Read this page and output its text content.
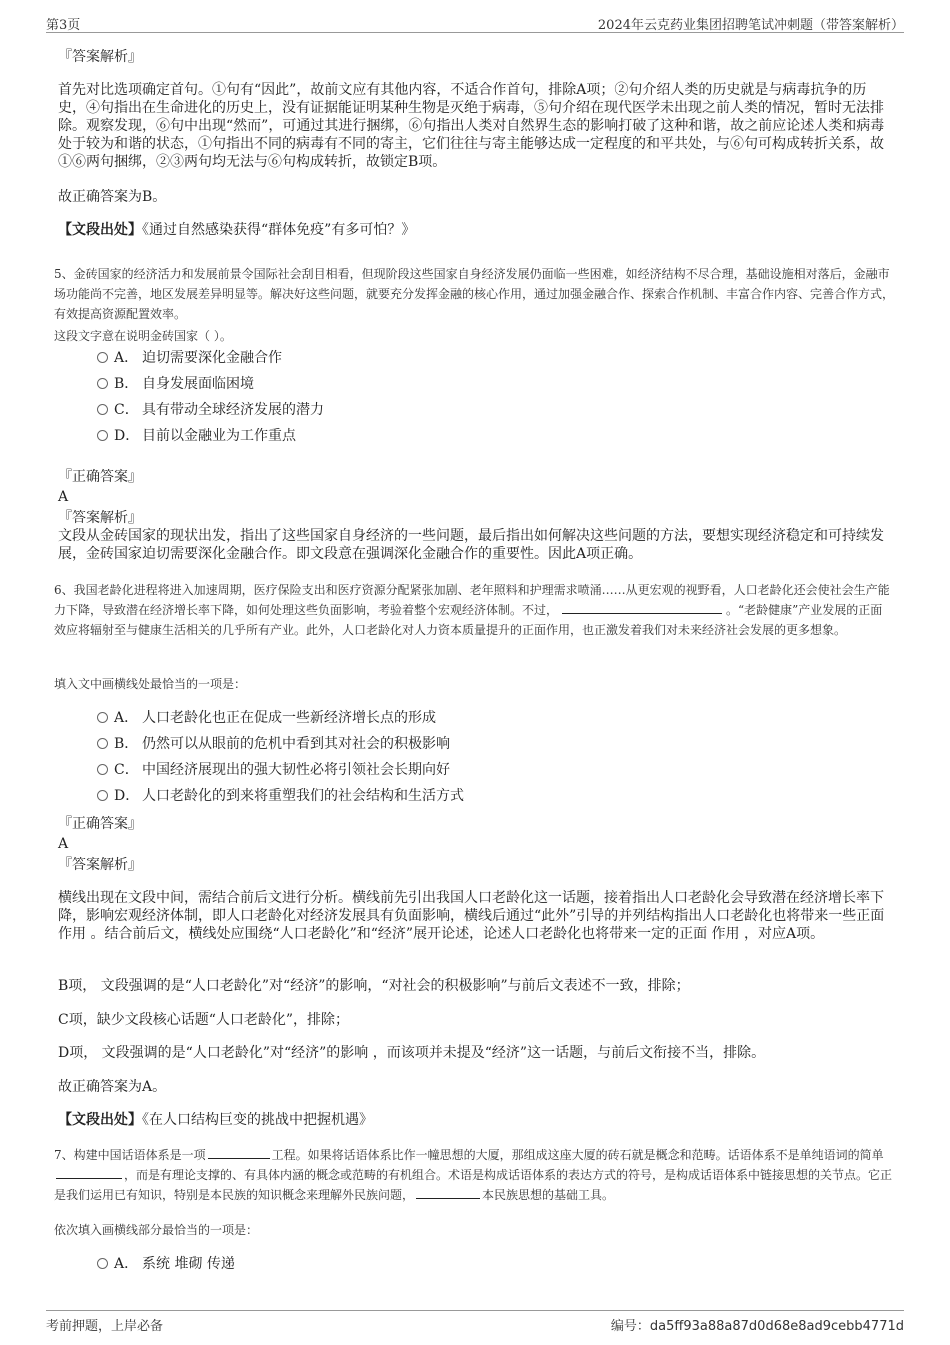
第3页	2024年云克药业集团招聘笔试冲刺题（带答案解析）
『答案解析』
首先对比选项确定首句。①句有“因此”，故前文应有其他内容，不适合作首句，排除A项；②句介绍人类的历史就是与病毒抗争的历史，④句指出在生命进化的历史上，没有证据能证明某种生物是灭绝于病毒，⑤句介绍在现代医学未出现之前人类的情况，暂时无法排除。观察发现，⑥句中出现“然而”，可通过其进行捆绑，⑥句指出人类对自然界生态的影响打破了这种和谐，故之前应论述人类和病毒处于较为和谐的状态，①句指出不同的病毒有不同的寄主，它们往往与寄主能够达成一定程度的和平共处，与⑥句可构成转折关系，故①⑥两句捆绑，②③两句均无法与⑥句构成转折，故锁定B项。
故正确答案为B。
【文段出处】《通过自然感染获得“群体免疫”有多可怕？》
5、金砖国家的经济活力和发展前景令国际社会刮目相看，但现阶段这些国家自身经济发展仍面临一些困难，如经济结构不尽合理，基础设施相对落后，金融市场功能尚不完善，地区发展差异明显等。解决好这些问题，就要充分发挥金融的核心作用，通过加强金融合作、探索合作机制、丰富合作内容、完善合作方式，有效提高资源配置效率。
这段文字意在说明金砖国家（ ）。
A． 迫切需要深化金融合作
B． 自身发展面临困境
C． 具有带动全球经济发展的潜力
D． 目前以金融业为工作重点
『正确答案』
A
『答案解析』
文段从金砖国家的现状出发，指出了这些国家自身经济的一些问题，最后指出如何解决这些问题的方法，要想实现经济稳定和可持续发展，金砖国家迫切需要深化金融合作。即文段意在强调深化金融合作的重要性。因此A项正确。
6、我国老龄化进程将进入加速周期，医疗保险支出和医疗资源分配紧张加剧、老年照料和护理需求喷涌……从更宏观的视野看，人口老龄化还会使社会生产能力下降，导致潜在经济增长率下降，如何处理这些负面影响，考验着整个宏观经济体制。不过，	。“老龄健康”产业发展的正面效应将辐射至与健康生活相关的几乎所有产业。此外，人口老龄化对人力资本质量提升的正面作用，也正激发着我们对未来经济社会发展的更多想象。
填入文中画横线处最恰当的一项是：
A． 人口老龄化也正在促成一些新经济增长点的形成
B． 仍然可以从眼前的危机中看到其对社会的积极影响
C． 中国经济展现出的强大韧性必将引领社会长期向好
D． 人口老龄化的到来将重塑我们的社会结构和生活方式
『正确答案』
A
『答案解析』
横线出现在文段中间，需结合前后文进行分析。横线前先引出我国人口老龄化这一话题，接着指出人口老龄化会导致潜在经济增长率下降，影响宏观经济体制，即人口老龄化对经济发展具有负面影响，横线后通过“此外”引导的并列结构指出人口老龄化也将带来一些正面 作用 。结合前后文，横线处应围绕“人口老龄化”和“经济”展开论述，论述人口老龄化也将带来一定的正面 作用 ，对应A项。
B项， 文段强调的是“人口老龄化”对“经济”的影响，“对社会的积极影响”与前后文表述不一致，排除；
C项，缺少文段核心话题“人口老龄化”，排除；
D项， 文段强调的是“人口老龄化”对“经济”的影响 ，而该项并未提及“经济”这一话题，与前后文衔接不当，排除。
故正确答案为A。
【文段出处】《在人口结构巨变的挑战中把握机遇》
7、构建中国话语体系是一项	工程。如果将话语体系比作一幢思想的大厦，那组成这座大厦的砖石就是概念和范畴。话语体系不是单纯语词的简单，而是有理论支撑的、有具体内涵的概念或范畴的有机组合。术语是构成话语体系的表达方式的符号，是构成话语体系中链接思想的关节点。它正是我们运用已有知识，特别是本民族的知识概念来理解外民族问题，	本民族思想的基础工具。
依次填入画横线部分最恰当的一项是：
A． 系统 堆砌 传递
考前押题，上岸必备	编号：da5ff93a88a87d0d68e8ad9cebb4771d
